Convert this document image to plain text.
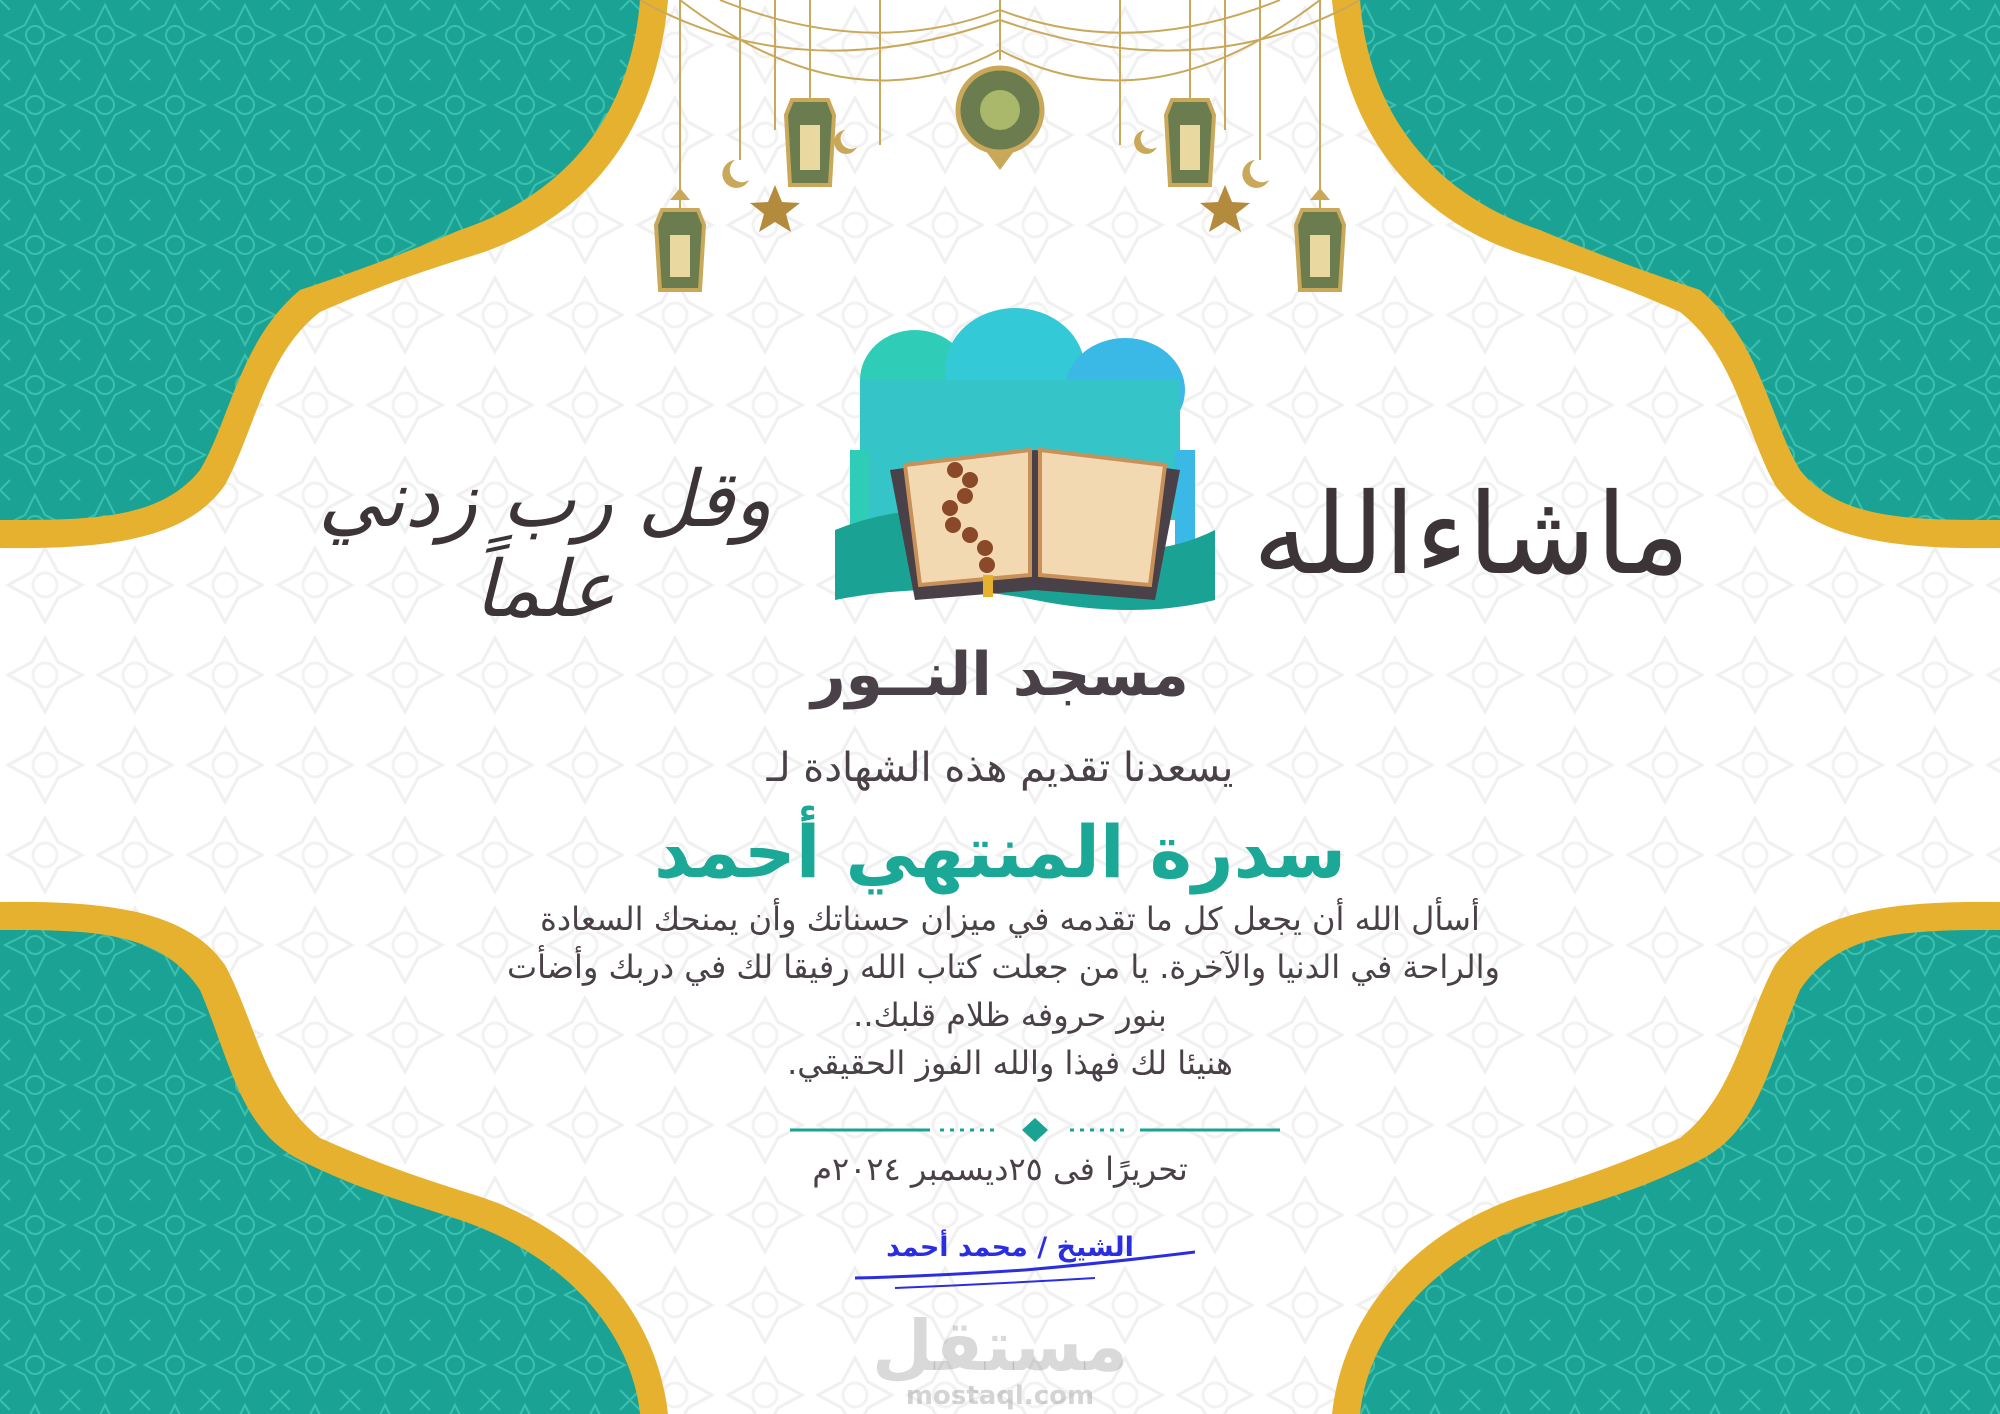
ماشاءالله
وقل رب زدني علماً
مسجد النــور
يسعدنا تقديم هذه الشهادة لـ
سدرة المنتهي أحمد
أسأل الله أن يجعل كل ما تقدمه في ميزان حسناتك وأن يمنحك السعادة
والراحة في الدنيا والآخرة. يا من جعلت كتاب الله رفيقا لك في دربك وأضأت
بنور حروفه ظلام قلبك..
هنيئا لك فهذا والله الفوز الحقيقي.
تحريرًا فى ٢٥ديسمبر ٢٠٢٤م
الشيخ / محمد أحمد
مستقل
mostaql.com
